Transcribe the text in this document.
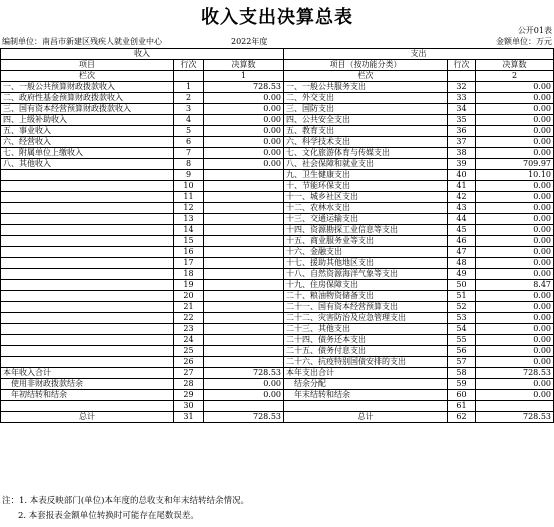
收入支出决算总表
公开01表
编制单位：南昌市新建区残疾人就业创业中心	2022年度	金额单位：万元
收入			支出		
项目	行次	决算数	项目（按功能分类）	行次	决算数
栏次		1	栏次		2
一、一般公共预算财政拨款收入	1	728.53	一、一般公共服务支出	32	0.00
二、政府性基金预算财政拨款收入	2	0.00	二、外交支出	33	0.00
三、国有资本经营预算财政拨款收入	3	0.00	三、国防支出	34	0.00
四、上级补助收入	4	0.00	四、公共安全支出	35	0.00
五、事业收入	5	0.00	五、教育支出	36	0.00
六、经营收入	6	0.00	六、科学技术支出	37	0.00
七、附属单位上缴收入	7	0.00	七、文化旅游体育与传媒支出	38	0.00
八、其他收入	8	0.00	八、社会保障和就业支出	39	709.97
	9		九、卫生健康支出	40	10.10
	10		十、节能环保支出	41	0.00
	11		十一、城乡社区支出	42	0.00
	12		十二、农林水支出	43	0.00
	13		十三、交通运输支出	44	0.00
	14		十四、资源勘探工业信息等支出	45	0.00
	15		十五、商业服务业等支出	46	0.00
	16		十六、金融支出	47	0.00
	17		十七、援助其他地区支出	48	0.00
	18		十八、自然资源海洋气象等支出	49	0.00
	19		十九、住房保障支出	50	8.47
	20		二十、粮油物资储备支出	51	0.00
	21		二十一、国有资本经营预算支出	52	0.00
	22		二十二、灾害防治及应急管理支出	53	0.00
	23		二十三、其他支出	54	0.00
	24		二十四、债务还本支出	55	0.00
	25		二十五、债务付息支出	56	0.00
	26		二十六、抗疫特别国债安排的支出	57	0.00
本年收入合计	27	728.53	本年支出合计	58	728.53
使用非财政拨款结余	28	0.00	结余分配	59	0.00
年初结转和结余	29	0.00	年末结转和结余	60	0.00
	30			61	
总计	31	728.53	总计	62	728.53
注：1. 本表反映部门(单位)本年度的总收支和年末结转结余情况。
2. 本套报表金额单位转换时可能存在尾数误差。
